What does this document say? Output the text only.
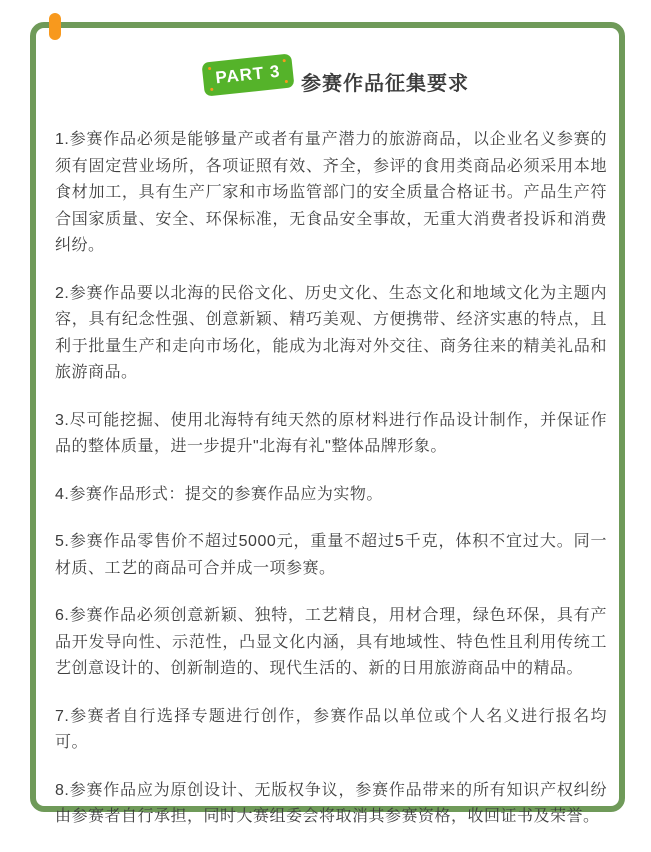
PART 3 参赛作品征集要求

1.参赛作品必须是能够量产或者有量产潜力的旅游商品，以企业名义参赛的须有固定营业场所，各项证照有效、齐全，参评的食用类商品必须采用本地食材加工，具有生产厂家和市场监管部门的安全质量合格证书。产品生产符合国家质量、安全、环保标准，无食品安全事故，无重大消费者投诉和消费纠纷。

2.参赛作品要以北海的民俗文化、历史文化、生态文化和地域文化为主题内容，具有纪念性强、创意新颖、精巧美观、方便携带、经济实惠的特点，且利于批量生产和走向市场化，能成为北海对外交往、商务往来的精美礼品和旅游商品。

3.尽可能挖掘、使用北海特有纯天然的原材料进行作品设计制作，并保证作品的整体质量，进一步提升"北海有礼"整体品牌形象。

4.参赛作品形式：提交的参赛作品应为实物。

5.参赛作品零售价不超过5000元，重量不超过5千克，体积不宜过大。同一材质、工艺的商品可合并成一项参赛。

6.参赛作品必须创意新颖、独特，工艺精良，用材合理，绿色环保，具有产品开发导向性、示范性，凸显文化内涵，具有地域性、特色性且利用传统工艺创意设计的、创新制造的、现代生活的、新的日用旅游商品中的精品。

7.参赛者自行选择专题进行创作，参赛作品以单位或个人名义进行报名均可。

8.参赛作品应为原创设计、无版权争议，参赛作品带来的所有知识产权纠纷由参赛者自行承担，同时大赛组委会将取消其参赛资格，收回证书及荣誉。
